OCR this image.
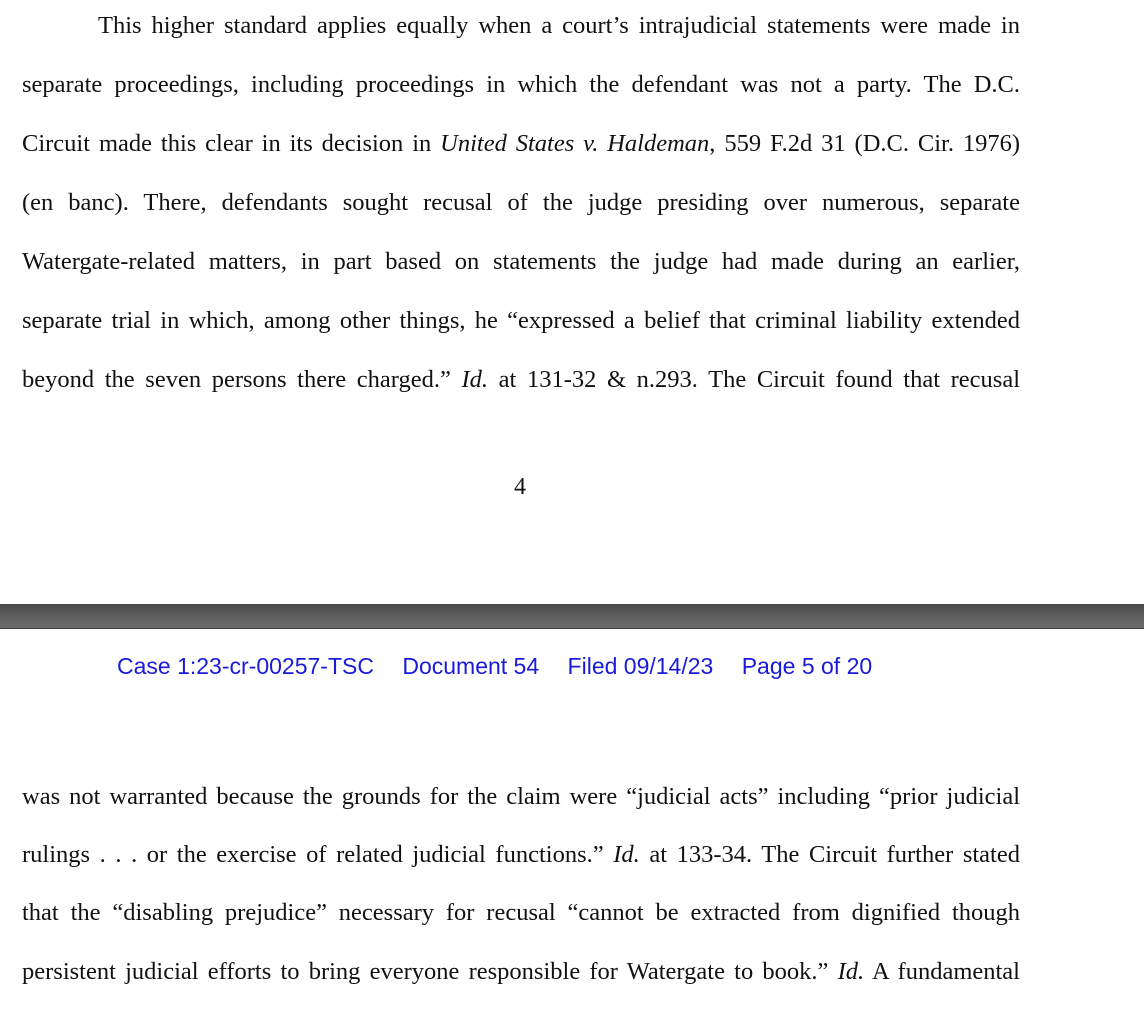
This higher standard applies equally when a court’s intrajudicial statements were made in
separate proceedings, including proceedings in which the defendant was not a party. The D.C.
Circuit made this clear in its decision in United States v. Haldeman, 559 F.2d 31 (D.C. Cir. 1976)
(en banc). There, defendants sought recusal of the judge presiding over numerous, separate
Watergate-related matters, in part based on statements the judge had made during an earlier,
separate trial in which, among other things, he “expressed a belief that criminal liability extended
beyond the seven persons there charged.” Id. at 131-32 & n.293. The Circuit found that recusal
4
Case 1:23-cr-00257-TSC Document 54 Filed 09/14/23 Page 5 of 20
was not warranted because the grounds for the claim were “judicial acts” including “prior judicial
rulings . . . or the exercise of related judicial functions.” Id. at 133-34. The Circuit further stated
that the “disabling prejudice” necessary for recusal “cannot be extracted from dignified though
persistent judicial efforts to bring everyone responsible for Watergate to book.” Id. A fundamental
